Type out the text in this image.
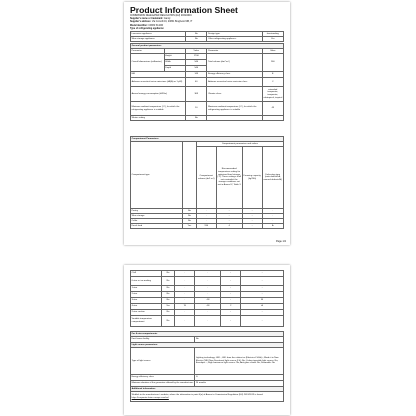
Product Information Sheet
COMMISSION DELEGATED REGULATION (EU) 2019/2016
Supplier's name or trademark: Candy
Supplier's address: Via Comolli 16, 20861 Brugherio MB, IT
Model identifier: CMDS 5142W
Type of refrigerating appliance:
Low-noise appliance:	No	Design type:	freestanding
Wine storage appliance:	No	Other refrigerating appliance:	Yes
General product parameters:				
Parameter		Value	Parameter	Value
Overall dimensions (millimetre)	Height	1700	Total volume (dm³ or l)	260
	Width	540		
	Depth	540		
EEI		145	Energy efficiency class	E
Airborne acoustical noise emissions (dB(A) re 1 pW)		40	Airborne acoustical noise emission class	C
Annual energy consumption (kWh/a)		363	Climate class:	extended temperate, temperate, subtropical, tropical
Minimum ambient temperature (°C), for which the refrigerating appliance is suitable		10	Maximum ambient temperature (°C), for which the refrigerating appliance is suitable	43
Winter setting		No		
Compartment Parameters:					
Compartment type		Compartment parameters and values			
		Compartment volume (dm³ or l)	Recommended temperature setting for optimised food storage (°C) These settings shall not contradict the storage conditions set out in Annex IV, Table 3	Freezing capacity (kg/24h)	Defrosting type (auto-defrost=A, manual defrost=M)
Pantry	No	-	-	-	-
Wine storage	No	-	-	-	-
Cellar	No	-	-	-	-
Fresh food	Yes	190	4	-	A
Page 1/2
Chill	No	-	-	-	-
0-star or ice-making	No	-	-	-	-
1-star	No	-	-	-	-
2-star	No	-	-	-	-
3-star	No	-	-18	-	M
4-star	Yes	70	-18	2	A
2-star section	No	-	-	-	-
Variable temperature compartment	No	-	-	-	-
For 4-star compartments	
Fast freeze facility	No
Light source parameters:	
Type of light source	Lighting technology: LED ; LED from the cabinet or (Electrical: 50Hz) ; Made it in Non-Electric (SIE) Non-Directional light source (LS): No; Colour-tuneable light source: No; Envelope: -; High luminance light source: No; Anti-glare shield: No; Dimmable: No
Energy efficiency class	G
Minimum duration of the guarantee offered by the manufacturer:	24 months
Additional information:	
Weblink to the manufacturer's website, where the information in point 4(a) of Annex to Commission Regulation (EU) 2019/2019 is found: https://corporate.haier-europe.com/en/	
